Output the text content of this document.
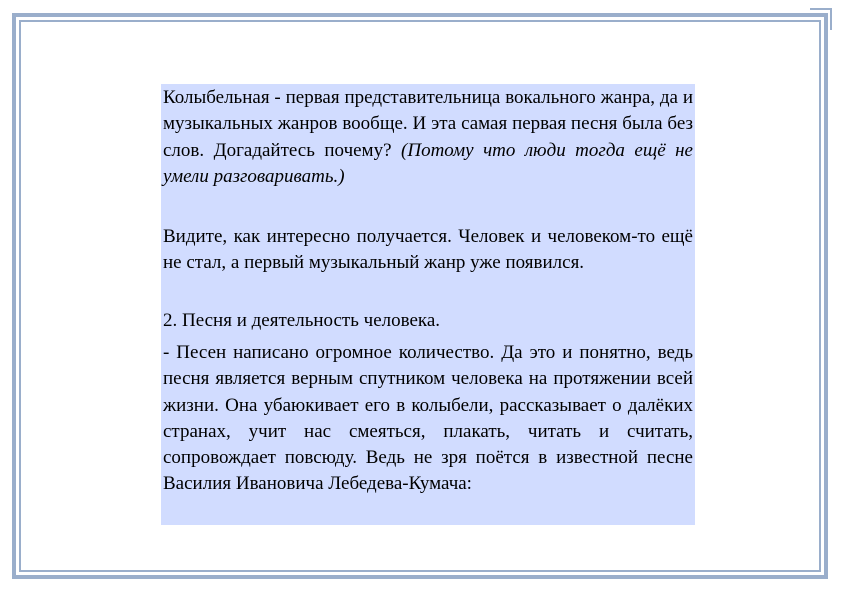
Колыбельная - первая представительница вокального жанра, да и музыкальных жанров вообще. И эта самая первая песня была без слов. Догадайтесь почему? (Потому что люди тогда ещё не умели разговаривать.)

Видите, как интересно получается. Человек и человеком-то ещё не стал, а первый музыкальный жанр уже появился.

2. Песня и деятельность человека.

- Песен написано огромное количество. Да это и понятно, ведь песня является верным спутником человека на протяжении всей жизни. Она убаюкивает его в колыбели, рассказывает о далёких странах, учит нас смеяться, плакать, читать и считать, сопровождает повсюду. Ведь не зря поётся в известной песне Василия Ивановича Лебедева-Кумача:
